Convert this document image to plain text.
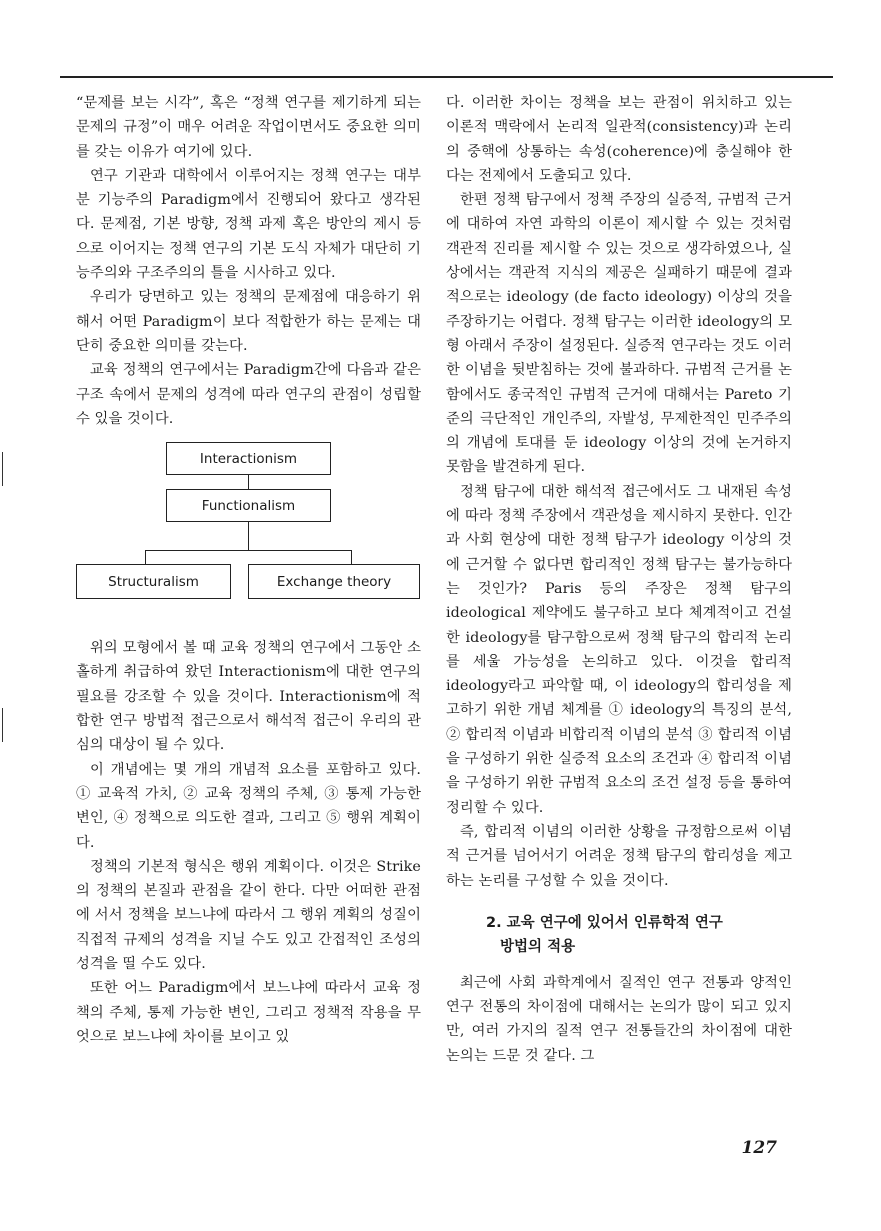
“문제를 보는 시각”, 혹은 “정책 연구를 제기하게 되는 문제의 규정”이 매우 어려운 작업이면서도 중요한 의미를 갖는 이유가 여기에 있다.

연구 기관과 대학에서 이루어지는 정책 연구는 대부분 기능주의 Paradigm에서 진행되어 왔다고 생각된다. 문제점, 기본 방향, 정책 과제 혹은 방안의 제시 등으로 이어지는 정책 연구의 기본 도식 자체가 대단히 기능주의와 구조주의의 틀을 시사하고 있다.

우리가 당면하고 있는 정책의 문제점에 대응하기 위해서 어떤 Paradigm이 보다 적합한가 하는 문제는 대단히 중요한 의미를 갖는다.

교육 정책의 연구에서는 Paradigm간에 다음과 같은 구조 속에서 문제의 성격에 따라 연구의 관점이 성립할 수 있을 것이다.

Interactionism
Functionalism
Structuralism	Exchange theory

위의 모형에서 볼 때 교육 정책의 연구에서 그동안 소홀하게 취급하여 왔던 Interactionism에 대한 연구의 필요를 강조할 수 있을 것이다. Interactionism에 적합한 연구 방법적 접근으로서 해석적 접근이 우리의 관심의 대상이 될 수 있다.

이 개념에는 몇 개의 개념적 요소를 포함하고 있다. ① 교육적 가치, ② 교육 정책의 주체, ③ 통제 가능한 변인, ④ 정책으로 의도한 결과, 그리고 ⑤ 행위 계획이다.

정책의 기본적 형식은 행위 계획이다. 이것은 Strike의 정책의 본질과 관점을 같이 한다. 다만 어떠한 관점에 서서 정책을 보느냐에 따라서 그 행위 계획의 성질이 직접적 규제의 성격을 지닐 수도 있고 간접적인 조성의 성격을 띨 수도 있다.

또한 어느 Paradigm에서 보느냐에 따라서 교육 정책의 주체, 통제 가능한 변인, 그리고 정책적 작용을 무엇으로 보느냐에 차이를 보이고 있

다. 이러한 차이는 정책을 보는 관점이 위치하고 있는 이론적 맥락에서 논리적 일관적(consistency)과 논리의 중핵에 상통하는 속성(coherence)에 충실해야 한다는 전제에서 도출되고 있다.

한편 정책 탐구에서 정책 주장의 실증적, 규범적 근거에 대하여 자연 과학의 이론이 제시할 수 있는 것처럼 객관적 진리를 제시할 수 있는 것으로 생각하였으나, 실상에서는 객관적 지식의 제공은 실패하기 때문에 결과적으로는 ideology (de facto ideology) 이상의 것을 주장하기는 어렵다. 정책 탐구는 이러한 ideology의 모형 아래서 주장이 설정된다. 실증적 연구라는 것도 이러한 이념을 뒷받침하는 것에 불과하다. 규범적 근거를 논함에서도 종국적인 규범적 근거에 대해서는 Pareto 기준의 극단적인 개인주의, 자발성, 무제한적인 민주주의의 개념에 토대를 둔 ideology 이상의 것에 논거하지 못함을 발견하게 된다.

정책 탐구에 대한 해석적 접근에서도 그 내재된 속성에 따라 정책 주장에서 객관성을 제시하지 못한다. 인간과 사회 현상에 대한 정책 탐구가 ideology 이상의 것에 근거할 수 없다면 합리적인 정책 탐구는 불가능하다는 것인가? Paris 등의 주장은 정책 탐구의 ideological 제약에도 불구하고 보다 체계적이고 건설한 ideology를 탐구함으로써 정책 탐구의 합리적 논리를 세울 가능성을 논의하고 있다. 이것을 합리적 ideology라고 파악할 때, 이 ideology의 합리성을 제고하기 위한 개념 체계를 ① ideology의 특징의 분석, ② 합리적 이념과 비합리적 이념의 분석 ③ 합리적 이념을 구성하기 위한 실증적 요소의 조건과 ④ 합리적 이념을 구성하기 위한 규범적 요소의 조건 설정 등을 통하여 정리할 수 있다.

즉, 합리적 이념의 이러한 상황을 규정함으로써 이념적 근거를 넘어서기 어려운 정책 탐구의 합리성을 제고하는 논리를 구성할 수 있을 것이다.

2. 교육 연구에 있어서 인류학적 연구
방법의 적용

최근에 사회 과학계에서 질적인 연구 전통과 양적인 연구 전통의 차이점에 대해서는 논의가 많이 되고 있지만, 여러 가지의 질적 연구 전통들간의 차이점에 대한 논의는 드문 것 같다. 그

127
